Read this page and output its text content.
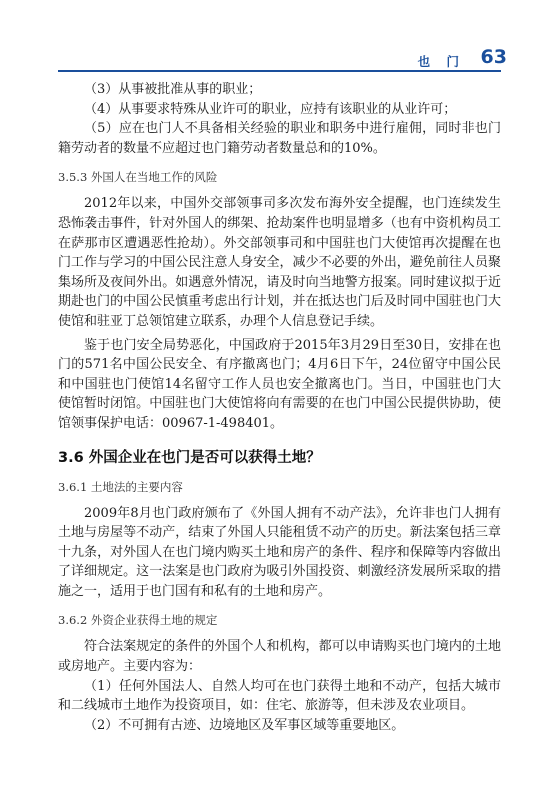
也 门 63

（3）从事被批准从事的职业；

（4）从事要求特殊从业许可的职业，应持有该职业的从业许可；

（5）应在也门人不具备相关经验的职业和职务中进行雇佣，同时非也门籍劳动者的数量不应超过也门籍劳动者数量总和的10%。

3.5.3 外国人在当地工作的风险

2012年以来，中国外交部领事司多次发布海外安全提醒，也门连续发生恐怖袭击事件，针对外国人的绑架、抢劫案件也明显增多（也有中资机构员工在萨那市区遭遇恶性抢劫）。外交部领事司和中国驻也门大使馆再次提醒在也门工作与学习的中国公民注意人身安全，减少不必要的外出，避免前往人员聚集场所及夜间外出。如遇意外情况，请及时向当地警方报案。同时建议拟于近期赴也门的中国公民慎重考虑出行计划，并在抵达也门后及时同中国驻也门大使馆和驻亚丁总领馆建立联系，办理个人信息登记手续。

鉴于也门安全局势恶化，中国政府于2015年3月29日至30日，安排在也门的571名中国公民安全、有序撤离也门；4月6日下午，24位留守中国公民和中国驻也门使馆14名留守工作人员也安全撤离也门。当日，中国驻也门大使馆暂时闭馆。中国驻也门大使馆将向有需要的在也门中国公民提供协助，使馆领事保护电话：00967-1-498401。

3.6 外国企业在也门是否可以获得土地？
3.6.1 土地法的主要内容

2009年8月也门政府颁布了《外国人拥有不动产法》，允许非也门人拥有土地与房屋等不动产，结束了外国人只能租赁不动产的历史。新法案包括三章十九条，对外国人在也门境内购买土地和房产的条件、程序和保障等内容做出了详细规定。这一法案是也门政府为吸引外国投资、刺激经济发展所采取的措施之一，适用于也门国有和私有的土地和房产。

3.6.2 外资企业获得土地的规定

符合法案规定的条件的外国个人和机构，都可以申请购买也门境内的土地或房地产。主要内容为：

（1）任何外国法人、自然人均可在也门获得土地和不动产，包括大城市和二线城市土地作为投资项目，如：住宅、旅游等，但未涉及农业项目。

（2）不可拥有古迹、边境地区及军事区域等重要地区。
